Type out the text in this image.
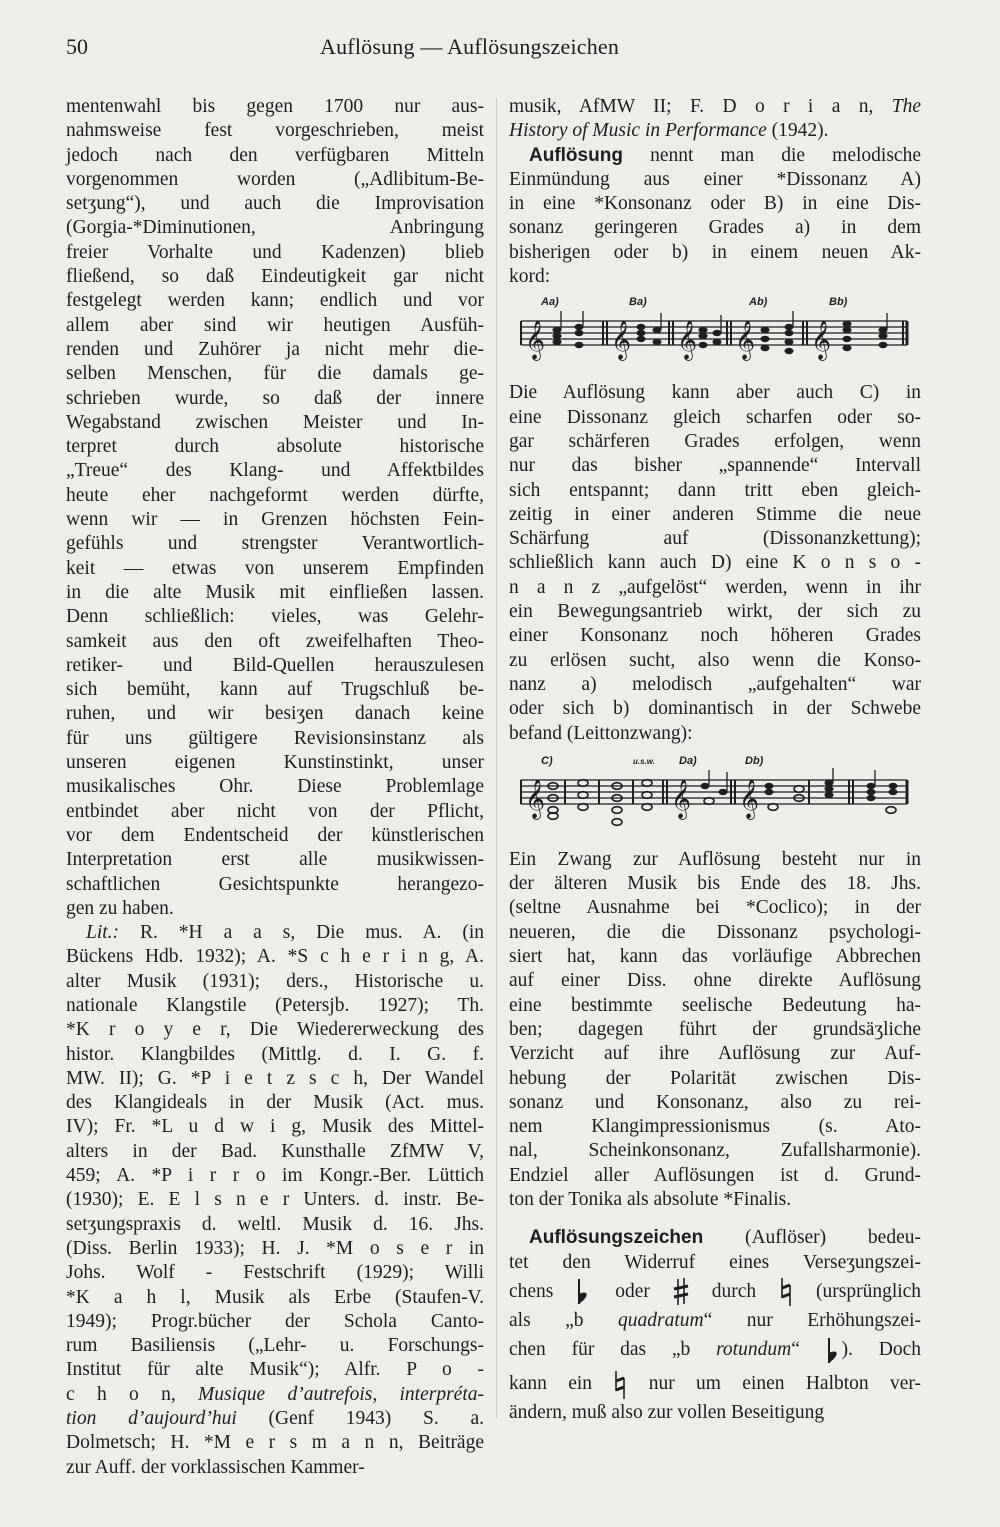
50	Auflösung — Auflösungszeichen
mentenwahl bis gegen 1700 nur aus-
nahmsweise fest vorgeschrieben, meist
jedoch nach den verfügbaren Mitteln
vorgenommen worden („Adlibitum-Be-
setʒung“), und auch die Improvisation
(Gorgia-*Diminutionen, Anbringung
freier Vorhalte und Kadenzen) blieb
fließend, so daß Eindeutigkeit gar nicht
festgelegt werden kann; endlich und vor
allem aber sind wir heutigen Ausfüh-
renden und Zuhörer ja nicht mehr die-
selben Menschen, für die damals ge-
schrieben wurde, so daß der innere
Wegabstand zwischen Meister und In-
terpret durch absolute historische
„Treue“ des Klang- und Affektbildes
heute eher nachgeformt werden dürfte,
wenn wir — in Grenzen höchsten Fein-
gefühls und strengster Verantwortlich-
keit — etwas von unserem Empfinden
in die alte Musik mit einfließen lassen.
Denn schließlich: vieles, was Gelehr-
samkeit aus den oft zweifelhaften Theo-
retiker- und Bild-Quellen herauszulesen
sich bemüht, kann auf Trugschluß be-
ruhen, und wir besiʒen danach keine
für uns gültigere Revisionsinstanz als
unseren eigenen Kunstinstinkt, unser
musikalisches Ohr. Diese Problemlage
entbindet aber nicht von der Pflicht,
vor dem Endentscheid der künstlerischen
Interpretation erst alle musikwissen-
schaftlichen Gesichtspunkte herangezo-
gen zu haben.
Lit.: R. *H a a s, Die mus. A. (in
Bückens Hdb. 1932); A. *S c h e r i n g, A.
alter Musik (1931); ders., Historische u.
nationale Klangstile (Petersjb. 1927); Th.
*K r o y e r, Die Wiedererweckung des
histor. Klangbildes (Mittlg. d. I. G. f.
MW. II); G. *P i e t z s c h, Der Wandel
des Klangideals in der Musik (Act. mus.
IV); Fr. *L u d w i g, Musik des Mittel-
alters in der Bad. Kunsthalle ZfMW V,
459; A. *P i r r o im Kongr.-Ber. Lüttich
(1930); E. E l s n e r Unters. d. instr. Be-
setʒungspraxis d. weltl. Musik d. 16. Jhs.
(Diss. Berlin 1933); H. J. *M o s e r in
Johs. Wolf - Festschrift (1929); Willi
*K a h l, Musik als Erbe (Staufen-V.
1949); Progr.bücher der Schola Canto-
rum Basiliensis („Lehr- u. Forschungs-
Institut für alte Musik“); Alfr. P o -
c h o n, Musique d’autrefois, interpréta-
tion d’aujourd’hui (Genf 1943) S. a.
Dolmetsch; H. *M e r s m a n n, Beiträge
zur Auff. der vorklassischen Kammer-
musik, AfMW II; F. D o r i a n, The
History of Music in Performance (1942).
Auflösung nennt man die melodische
Einmündung aus einer *Dissonanz A)
in eine *Konsonanz oder B) in eine Dis-
sonanz geringeren Grades a) in dem
bisherigen oder b) in einem neuen Ak-
kord:
Aa)	Ba)	Ab)	Bb)
𝄞 𝄞 𝄞 𝄞 𝄞
Die Auflösung kann aber auch C) in
eine Dissonanz gleich scharfen oder so-
gar schärferen Grades erfolgen, wenn
nur das bisher „spannende“ Intervall
sich entspannt; dann tritt eben gleich-
zeitig in einer anderen Stimme die neue
Schärfung auf (Dissonanzkettung);
schließlich kann auch D) eine K o n s o -
n a n z „aufgelöst“ werden, wenn in ihr
ein Bewegungsantrieb wirkt, der sich zu
einer Konsonanz noch höheren Grades
zu erlösen sucht, also wenn die Konso-
nanz a) melodisch „aufgehalten“ war
oder sich b) dominantisch in der Schwebe
befand (Leittonzwang):
C)	u.s.w. Da)	Db)
𝄞	𝄞 𝄞
Ein Zwang zur Auflösung besteht nur in
der älteren Musik bis Ende des 18. Jhs.
(seltne Ausnahme bei *Coclico); in der
neueren, die die Dissonanz psychologi-
siert hat, kann das vorläufige Abbrechen
auf einer Diss. ohne direkte Auflösung
eine bestimmte seelische Bedeutung ha-
ben; dagegen führt der grundsäʒliche
Verzicht auf ihre Auflösung zur Auf-
hebung der Polarität zwischen Dis-
sonanz und Konsonanz, also zu rei-
nem Klangimpressionismus (s. Ato-
nal, Scheinkonsonanz, Zufallsharmonie).
Endziel aller Auflösungen ist d. Grund-
ton der Tonika als absolute *Finalis.
Auflösungszeichen (Auflöser) bedeu-
tet den Widerruf eines Verseʒungszei-
chens	oder	durch	(ursprünglich
als „b quadratum“ nur Erhöhungszei-
chen für das „b rotundum“ ). Doch
kann ein	nur um einen Halbton ver-
ändern, muß also zur vollen Beseitigung
